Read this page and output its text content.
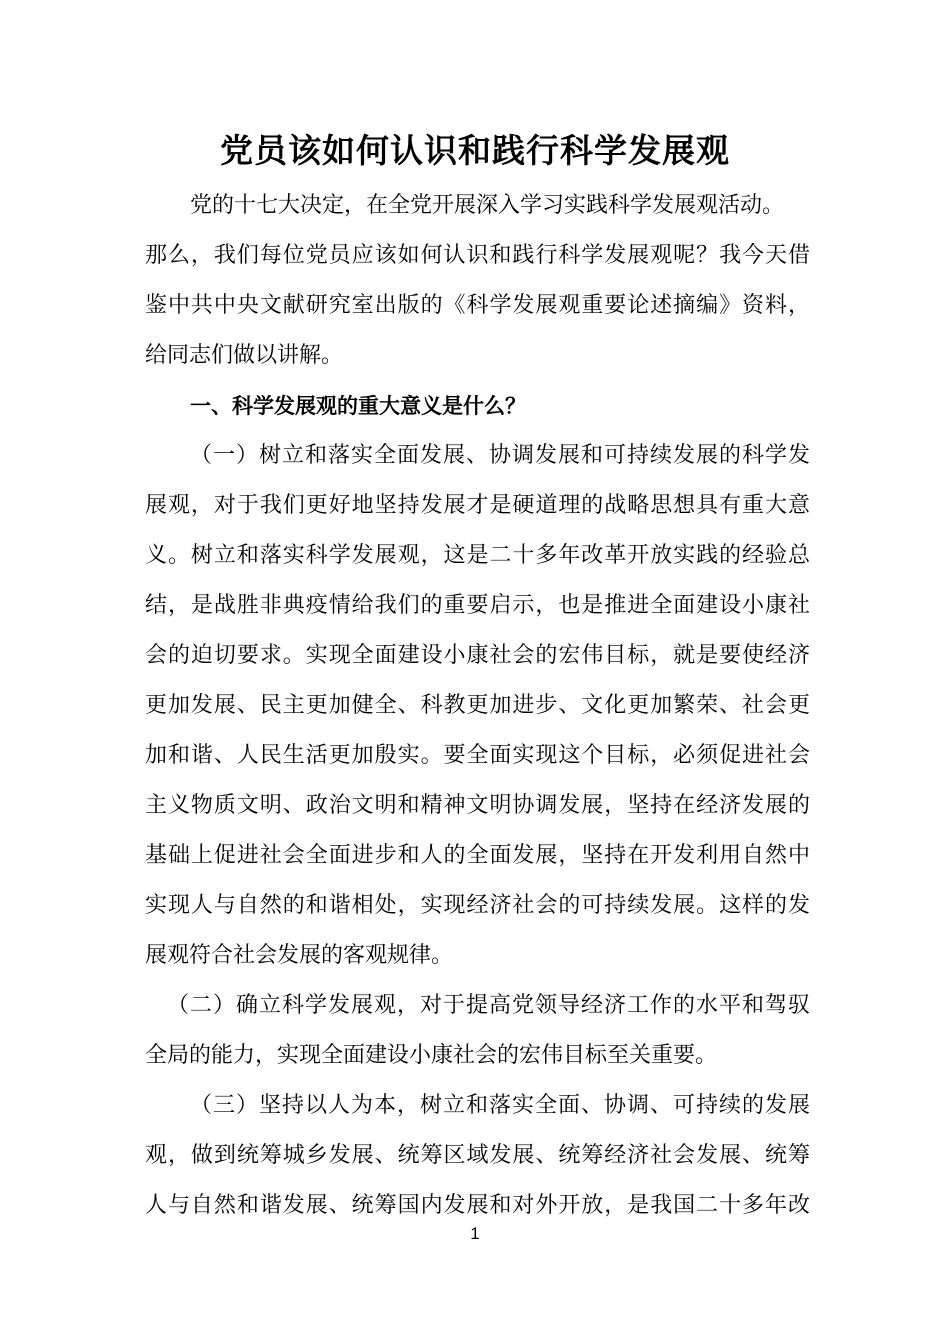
党员该如何认识和践行科学发展观
党的十七大决定，在全党开展深入学习实践科学发展观活动。
那么，我们每位党员应该如何认识和践行科学发展观呢？我今天借
鉴中共中央文献研究室出版的《科学发展观重要论述摘编》资料，
给同志们做以讲解。
一、科学发展观的重大意义是什么？
（一）树立和落实全面发展、协调发展和可持续发展的科学发
展观，对于我们更好地坚持发展才是硬道理的战略思想具有重大意
义。树立和落实科学发展观，这是二十多年改革开放实践的经验总
结，是战胜非典疫情给我们的重要启示，也是推进全面建设小康社
会的迫切要求。实现全面建设小康社会的宏伟目标，就是要使经济
更加发展、民主更加健全、科教更加进步、文化更加繁荣、社会更
加和谐、人民生活更加殷实。要全面实现这个目标，必须促进社会
主义物质文明、政治文明和精神文明协调发展，坚持在经济发展的
基础上促进社会全面进步和人的全面发展，坚持在开发利用自然中
实现人与自然的和谐相处，实现经济社会的可持续发展。这样的发
展观符合社会发展的客观规律。
（二）确立科学发展观，对于提高党领导经济工作的水平和驾驭
全局的能力，实现全面建设小康社会的宏伟目标至关重要。
（三）坚持以人为本，树立和落实全面、协调、可持续的发展
观，做到统筹城乡发展、统筹区域发展、统筹经济社会发展、统筹
人与自然和谐发展、统筹国内发展和对外开放，是我国二十多年改
1
